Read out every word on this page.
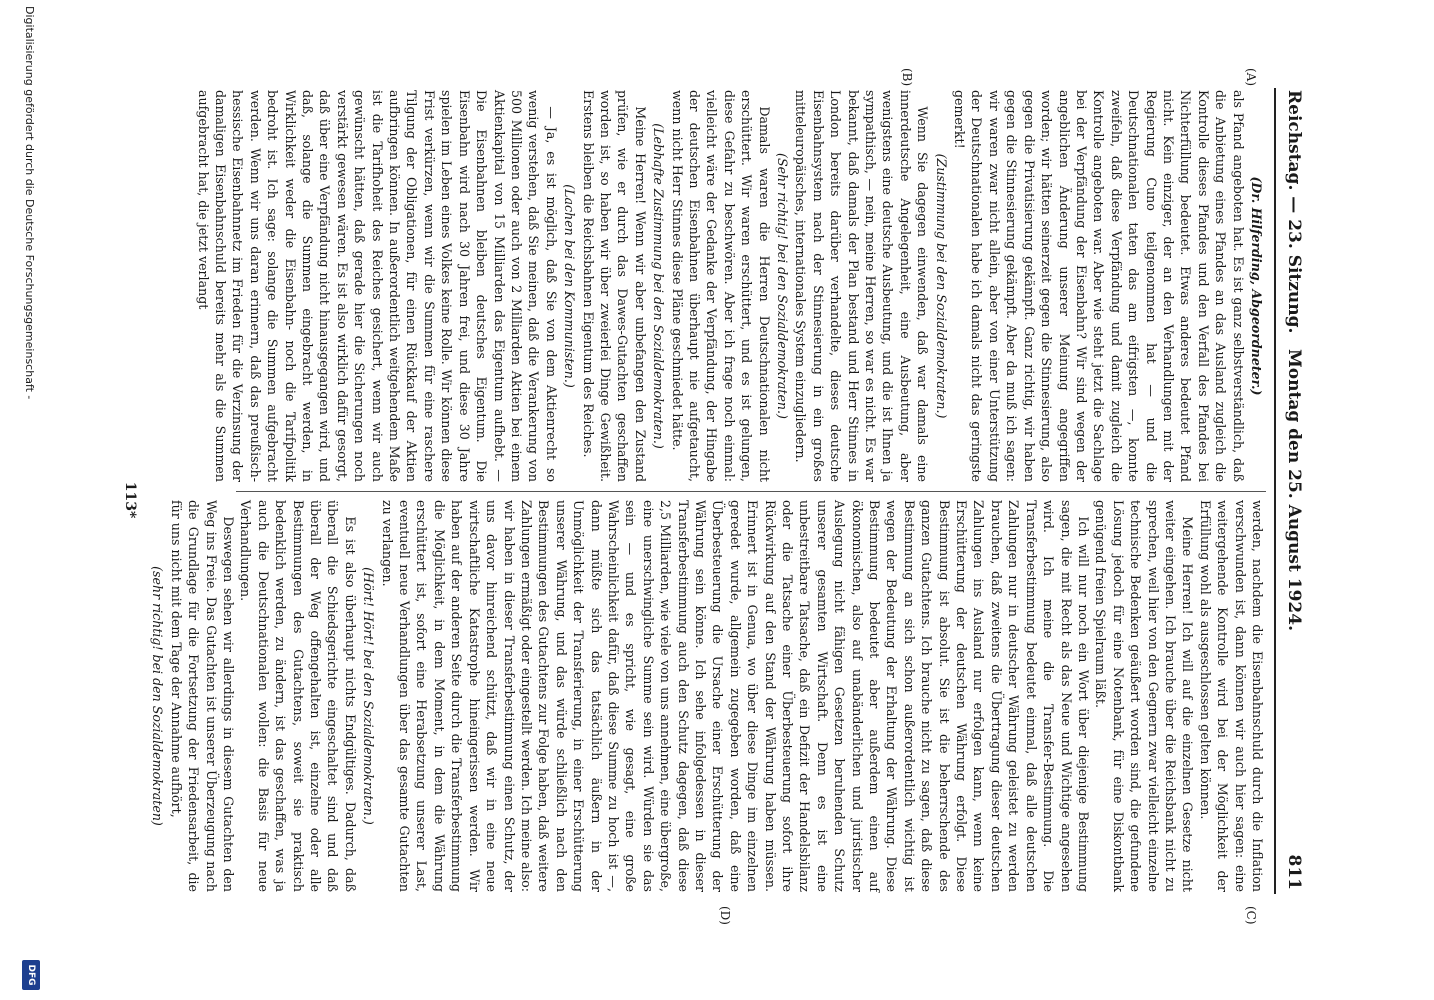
Reichstag. — 23. Sitzung.
Montag den 25. August 1924.
811
(A)
(B)
(C)
(D)

(Dr. Hilferding, Abgeordneter.)

als Pfand angeboten hat. Es ist ganz selbstverständlich, daß die Anbietung eines Pfandes an das Ausland zugleich die Kontrolle dieses Pfandes und den Verfall des Pfandes bei Nichterfüllung bedeutet. Etwas anderes bedeutet Pfand nicht. Kein einziger, der an den Verhandlungen mit der Regierung Cuno teilgenommen hat — und die Deutschnationalen taten das am eifrigsten —, konnte zweifeln, daß diese Verpfändung und damit zugleich die Kontrolle angeboten war. Aber wie steht jetzt die Sachlage bei der Verpfändung der Eisenbahn? Wir sind wegen der angeblichen Änderung unserer Meinung angegriffen worden; wir hätten seinerzeit gegen die Stinnesierung, also gegen die Privatisierung gekämpft. Ganz richtig, wir haben gegen die Stinnesierung gekämpft. Aber da muß ich sagen: wir waren zwar nicht allein, aber von einer Unterstützung der Deutschnationalen habe ich damals nicht das geringste gemerkt!

(Zustimmung bei den Sozialdemokraten.)

Wenn Sie dagegen einwenden, daß war damals eine innerdeutsche Angelegenheit, eine Ausbeutung, aber wenigstens eine deutsche Ausbeutung, und die ist Ihnen ja sympathisch, — nein, meine Herren, so war es nicht. Es war bekannt, daß damals der Plan bestand und Herr Stinnes in London bereits darüber verhandelte, dieses deutsche Eisenbahnsystem nach der Stinnesierung in ein großes mitteleuropäisches, internationales System einzugliedern.

(Sehr richtig! bei den Sozialdemokraten.)

Damals waren die Herren Deutschnationalen nicht erschüttert. Wir waren erschüttert, und es ist gelungen, diese Gefahr zu beschwören. Aber ich frage noch einmal: vielleicht wäre der Gedanke der Verpfändung, der Hingabe der deutschen Eisenbahnen überhaupt nie aufgetaucht, wenn nicht Herr Stinnes diese Pläne geschmiedet hätte.

(Lebhafte Zustimmung bei den Sozialdemokraten.)

Meine Herren! Wenn wir aber unbefangen den Zustand prüfen, wie er durch das Dawes-Gutachten geschaffen worden ist, so haben wir über zweierlei Dinge Gewißheit. Erstens bleiben die Reichsbahnen Eigentum des Reiches.

(Lachen bei den Kommunisten.)

— Ja, es ist möglich, daß Sie von dem Aktienrecht so wenig verstehen, daß Sie meinen, daß die Verankerung von 500 Millionen oder auch von 2 Milliarden Aktien bei einem Aktienkapital von 15 Milliarden das Eigentum aufhebt. — Die Eisenbahnen bleiben deutsches Eigentum. Die Eisenbahn wird nach 30 Jahren frei, und diese 30 Jahre spielen im Leben eines Volkes keine Rolle. Wir können diese Frist verkürzen, wenn wir die Summen für eine raschere Tilgung der Obligationen, für einen Rückkauf der Aktien aufbringen können. In außerordentlich weitgehendem Maße ist die Tarifhoheit des Reiches gesichert, wenn wir auch gewünscht hätten, daß gerade hier die Sicherungen noch verstärkt gewesen wären. Es ist also wirklich dafür gesorgt, daß über eine Verpfändung nicht hinausgegangen wird, und daß, solange die Summen eingebracht werden, in Wirklichkeit weder die Eisenbahn- noch die Tarifpolitik bedroht ist. Ich sage: solange die Summen aufgebracht werden. Wenn wir uns daran erinnern, daß das preußisch-hessische Eisenbahnnetz im Frieden für die Verzinsung der damaligen Eisenbahnschuld bereits mehr als die Summen aufgebracht hat, die jetzt verlangt

werden, nachdem die Eisenbahnschuld durch die Inflation verschwunden ist, dann können wir auch hier sagen: eine weitergehende Kontrolle wird bei der Möglichkeit der Erfüllung wohl als ausgeschlossen gelten können.

Meine Herren! Ich will auf die einzelnen Gesetze nicht weiter eingehen. Ich brauche über die Reichsbank nicht zu sprechen, weil hier von den Gegnern zwar vielleicht einzelne technische Bedenken geäußert worden sind, die gefundene Lösung jedoch für eine Notenbank, für eine Diskontbank genügend freien Spielraum läßt.

Ich will nur noch ein Wort über diejenige Bestimmung sagen, die mit Recht als das Neue und Wichtige angesehen wird. Ich meine die Transfer-Bestimmung. Die Transferbestimmung bedeutet einmal, daß alle deutschen Zahlungen nur in deutscher Währung geleistet zu werden brauchen, daß zweitens die Übertragung dieser deutschen Zahlungen ins Ausland nur erfolgen kann, wenn keine Erschütterung der deutschen Währung erfolgt. Diese Bestimmung ist absolut. Sie ist die beherrschende des ganzen Gutachtens. Ich brauche nicht zu sagen, daß diese Bestimmung an sich schon außerordentlich wichtig ist wegen der Bedeutung der Erhaltung der Währung. Diese Bestimmung bedeutet aber außerdem einen auf ökonomischen, also auf unabänderlichen und juristischer Auslegung nicht fähigen Gesetzen beruhenden Schutz unserer gesamten Wirtschaft. Denn es ist eine unbestreitbare Tatsache, daß ein Defizit der Handelsbilanz oder die Tatsache einer Überbesteuerung sofort ihre Rückwirkung auf den Stand der Währung haben müssen. Erinnert ist in Genua, wo über diese Dinge im einzelnen geredet wurde, allgemein zugegeben worden, daß eine Überbesteuerung die Ursache einer Erschütterung der Währung sein könne. Ich sehe infolgedessen in dieser Transferbestimmung auch den Schutz dagegen, daß diese 2,5 Milliarden, wie viele von uns annehmen, eine übergroße, eine unerschwingliche Summe sein wird. Würden sie das sein — und es spricht, wie gesagt, eine große Wahrscheinlichkeit dafür, daß diese Summe zu hoch ist —, dann müßte sich das tatsächlich äußern in der Unmöglichkeit der Transferierung, in einer Erschütterung unserer Währung, und das würde schließlich nach den Bestimmungen des Gutachtens zur Folge haben, daß weitere Zahlungen ermäßigt oder eingestellt werden. Ich meine also: wir haben in dieser Transferbestimmung einen Schutz, der uns davor hinreichend schützt, daß wir in eine neue wirtschaftliche Katastrophe hineingerissen werden. Wir haben auf der anderen Seite durch die Transferbestimmung die Möglichkeit, in dem Moment, in dem die Währung erschüttert ist, sofort eine Herabsetzung unserer Last, eventuell neue Verhandlungen über das gesamte Gutachten zu verlangen.

(Hört! Hört! bei den Sozialdemokraten.)

Es ist also überhaupt nichts Endgültiges. Dadurch, daß überall die Schiedsgerichte eingeschaltet sind und daß überall der Weg offengehalten ist, einzelne oder alle Bestimmungen des Gutachtens, soweit sie praktisch bedenklich werden, zu ändern, ist das geschaffen, was ja auch die Deutschnationalen wollen: die Basis für neue Verhandlungen.

Deswegen sehen wir allerdings in diesem Gutachten den Weg ins Freie. Das Gutachten ist unserer Überzeugung nach die Grundlage für die Fortsetzung der Friedensarbeit, die für uns nicht mit dem Tage der Annahme aufhört,

(sehr richtig! bei den Sozialdemokraten)

113*
Digitalisierung gefördert durch die Deutsche Forschungsgemeinschaft -
DFG
